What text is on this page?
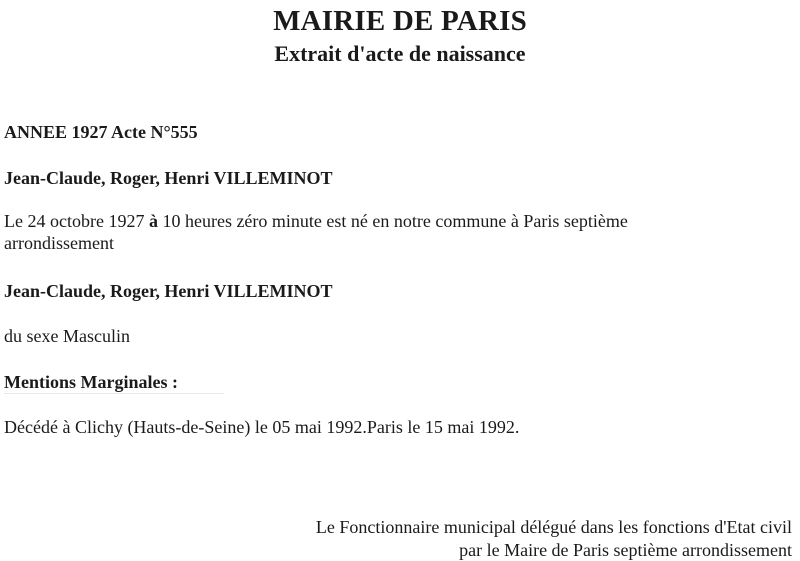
MAIRIE DE PARIS
Extrait d'acte de naissance
ANNEE 1927 Acte N°555
Jean-Claude, Roger, Henri VILLEMINOT
Le 24 octobre 1927 à 10 heures zéro minute est né en notre commune à Paris septième
arrondissement
Jean-Claude, Roger, Henri VILLEMINOT
du sexe Masculin
Mentions Marginales :
Décédé à Clichy (Hauts-de-Seine) le 05 mai 1992.Paris le 15 mai 1992.
Le Fonctionnaire municipal délégué dans les fonctions d'Etat civil
par le Maire de Paris septième arrondissement
